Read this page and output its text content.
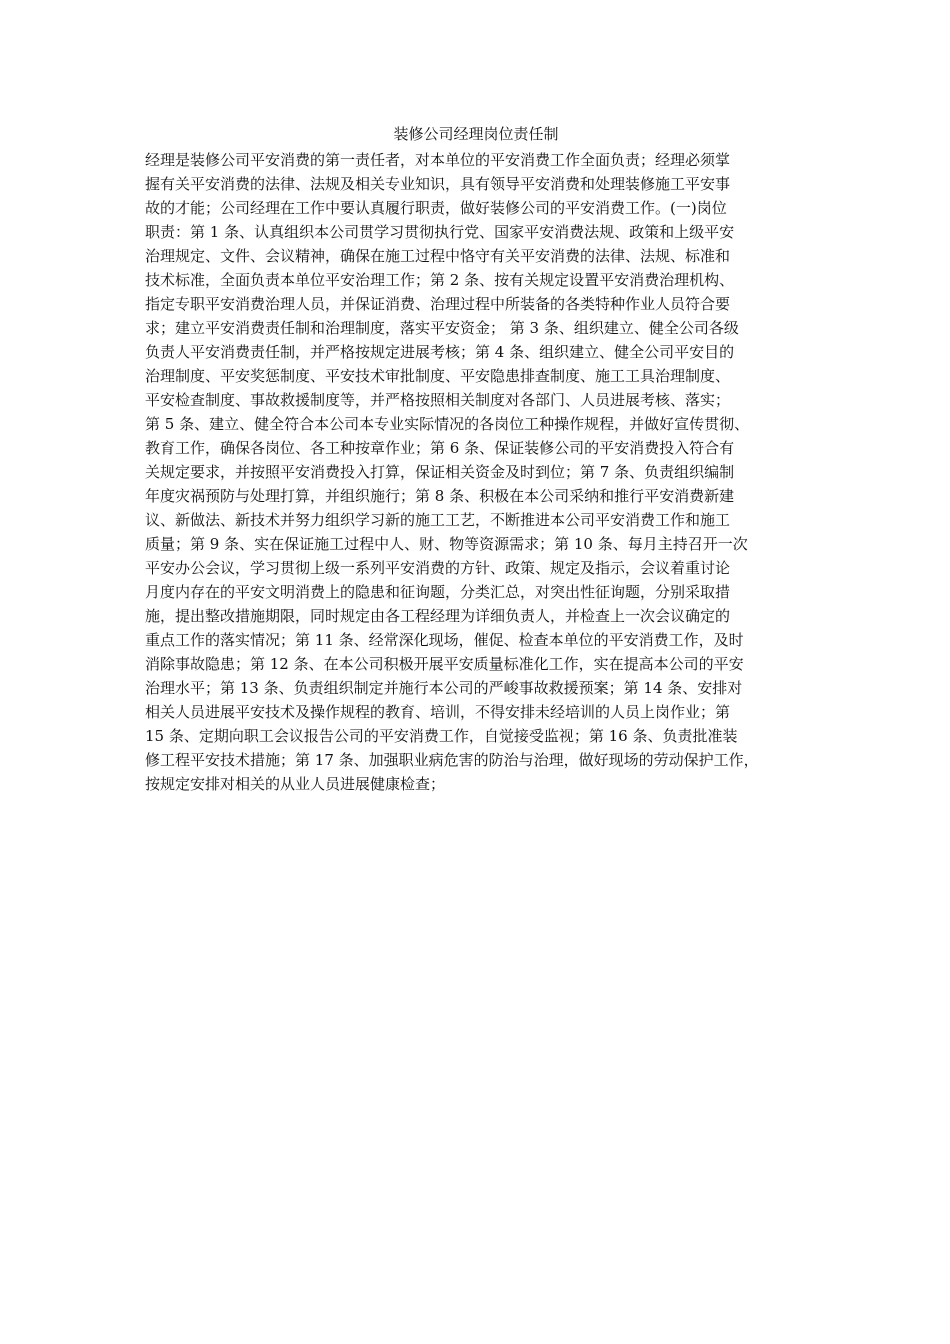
装修公司经理岗位责任制
经理是装修公司平安消费的第一责任者，对本单位的平安消费工作全面负责；经理必须掌
握有关平安消费的法律、法规及相关专业知识，具有领导平安消费和处理装修施工平安事
故的才能；公司经理在工作中要认真履行职责，做好装修公司的平安消费工作。(一)岗位
职责：第 1 条、认真组织本公司贯学习贯彻执行党、国家平安消费法规、政策和上级平安
治理规定、文件、会议精神，确保在施工过程中恪守有关平安消费的法律、法规、标准和
技术标准，全面负责本单位平安治理工作；第 2 条、按有关规定设置平安消费治理机构、
指定专职平安消费治理人员，并保证消费、治理过程中所装备的各类特种作业人员符合要
求；建立平安消费责任制和治理制度，落实平安资金； 第 3 条、组织建立、健全公司各级
负责人平安消费责任制，并严格按规定进展考核；第 4 条、组织建立、健全公司平安目的
治理制度、平安奖惩制度、平安技术审批制度、平安隐患排查制度、施工工具治理制度、
平安检查制度、事故救援制度等，并严格按照相关制度对各部门、人员进展考核、落实；
第 5 条、建立、健全符合本公司本专业实际情况的各岗位工种操作规程，并做好宣传贯彻、
教育工作，确保各岗位、各工种按章作业；第 6 条、保证装修公司的平安消费投入符合有
关规定要求，并按照平安消费投入打算，保证相关资金及时到位；第 7 条、负责组织编制
年度灾祸预防与处理打算，并组织施行；第 8 条、积极在本公司采纳和推行平安消费新建
议、新做法、新技术并努力组织学习新的施工工艺，不断推进本公司平安消费工作和施工
质量；第 9 条、实在保证施工过程中人、财、物等资源需求；第 10 条、每月主持召开一次
平安办公会议，学习贯彻上级一系列平安消费的方针、政策、规定及指示，会议着重讨论
月度内存在的平安文明消费上的隐患和征询题，分类汇总，对突出性征询题，分别采取措
施，提出整改措施期限，同时规定由各工程经理为详细负责人，并检查上一次会议确定的
重点工作的落实情况；第 11 条、经常深化现场，催促、检查本单位的平安消费工作，及时
消除事故隐患；第 12 条、在本公司积极开展平安质量标准化工作，实在提高本公司的平安
治理水平；第 13 条、负责组织制定并施行本公司的严峻事故救援预案；第 14 条、安排对
相关人员进展平安技术及操作规程的教育、培训，不得安排未经培训的人员上岗作业；第
15 条、定期向职工会议报告公司的平安消费工作，自觉接受监视；第 16 条、负责批准装
修工程平安技术措施；第 17 条、加强职业病危害的防治与治理，做好现场的劳动保护工作，
按规定安排对相关的从业人员进展健康检查；
